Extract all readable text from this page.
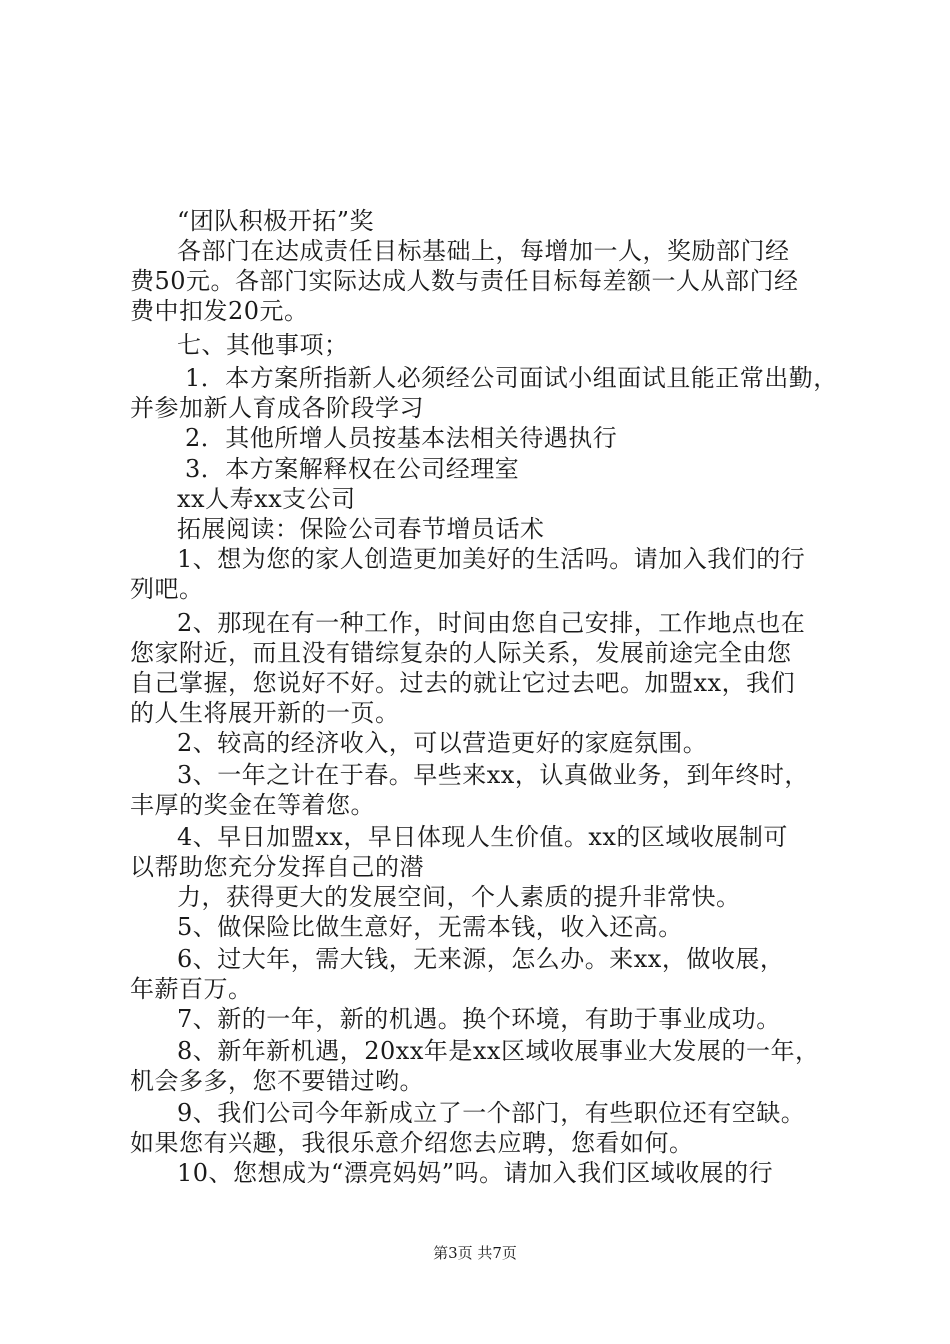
“团队积极开拓”奖
各部门在达成责任目标基础上，每增加一人，奖励部门经
费50元。各部门实际达成人数与责任目标每差额一人从部门经
费中扣发20元。
七、其他事项；
1．本方案所指新人必须经公司面试小组面试且能正常出勤，
并参加新人育成各阶段学习
2．其他所增人员按基本法相关待遇执行
3．本方案解释权在公司经理室
xx人寿xx支公司
拓展阅读：保险公司春节增员话术
1、想为您的家人创造更加美好的生活吗。请加入我们的行
列吧。
2、那现在有一种工作，时间由您自己安排，工作地点也在
您家附近，而且没有错综复杂的人际关系，发展前途完全由您
自己掌握，您说好不好。过去的就让它过去吧。加盟xx，我们
的人生将展开新的一页。
2、较高的经济收入，可以营造更好的家庭氛围。
3、一年之计在于春。早些来xx，认真做业务，到年终时，
丰厚的奖金在等着您。
4、早日加盟xx，早日体现人生价值。xx的区域收展制可
以帮助您充分发挥自己的潜
力，获得更大的发展空间，个人素质的提升非常快。
5、做保险比做生意好，无需本钱，收入还高。
6、过大年，需大钱，无来源，怎么办。来xx，做收展，
年薪百万。
7、新的一年，新的机遇。换个环境，有助于事业成功。
8、新年新机遇，20xx年是xx区域收展事业大发展的一年，
机会多多，您不要错过哟。
9、我们公司今年新成立了一个部门，有些职位还有空缺。
如果您有兴趣，我很乐意介绍您去应聘，您看如何。
10、您想成为“漂亮妈妈”吗。请加入我们区域收展的行
第3页 共7页
